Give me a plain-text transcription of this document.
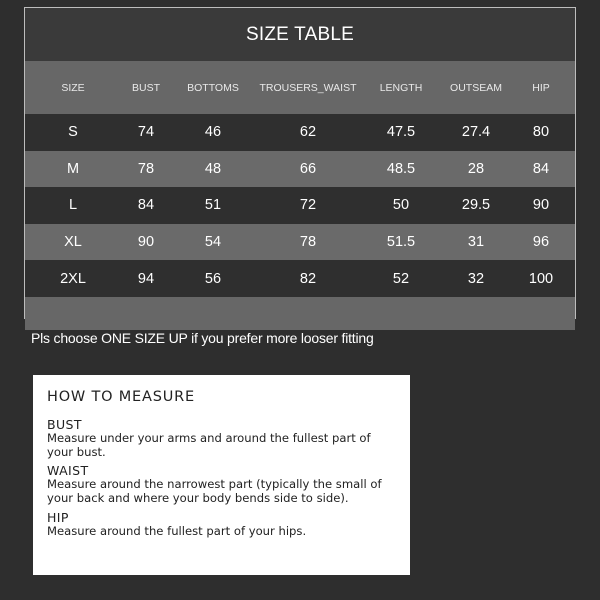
SIZE TABLE
SIZE	BUST	BOTTOMS	TROUSERS_WAIST	LENGTH	OUTSEAM	HIP
S	74	46	62	47.5	27.4	80
M	78	48	66	48.5	28	84
L	84	51	72	50	29.5	90
XL	90	54	78	51.5	31	96
2XL	94	56	82	52	32	100
Pls choose ONE SIZE UP if you prefer more looser fitting
HOW TO MEASURE
BUST
Measure under your arms and around the fullest part of your bust.
WAIST
Measure around the narrowest part (typically the small of your back and where your body bends side to side).
HIP
Measure around the fullest part of your hips.
